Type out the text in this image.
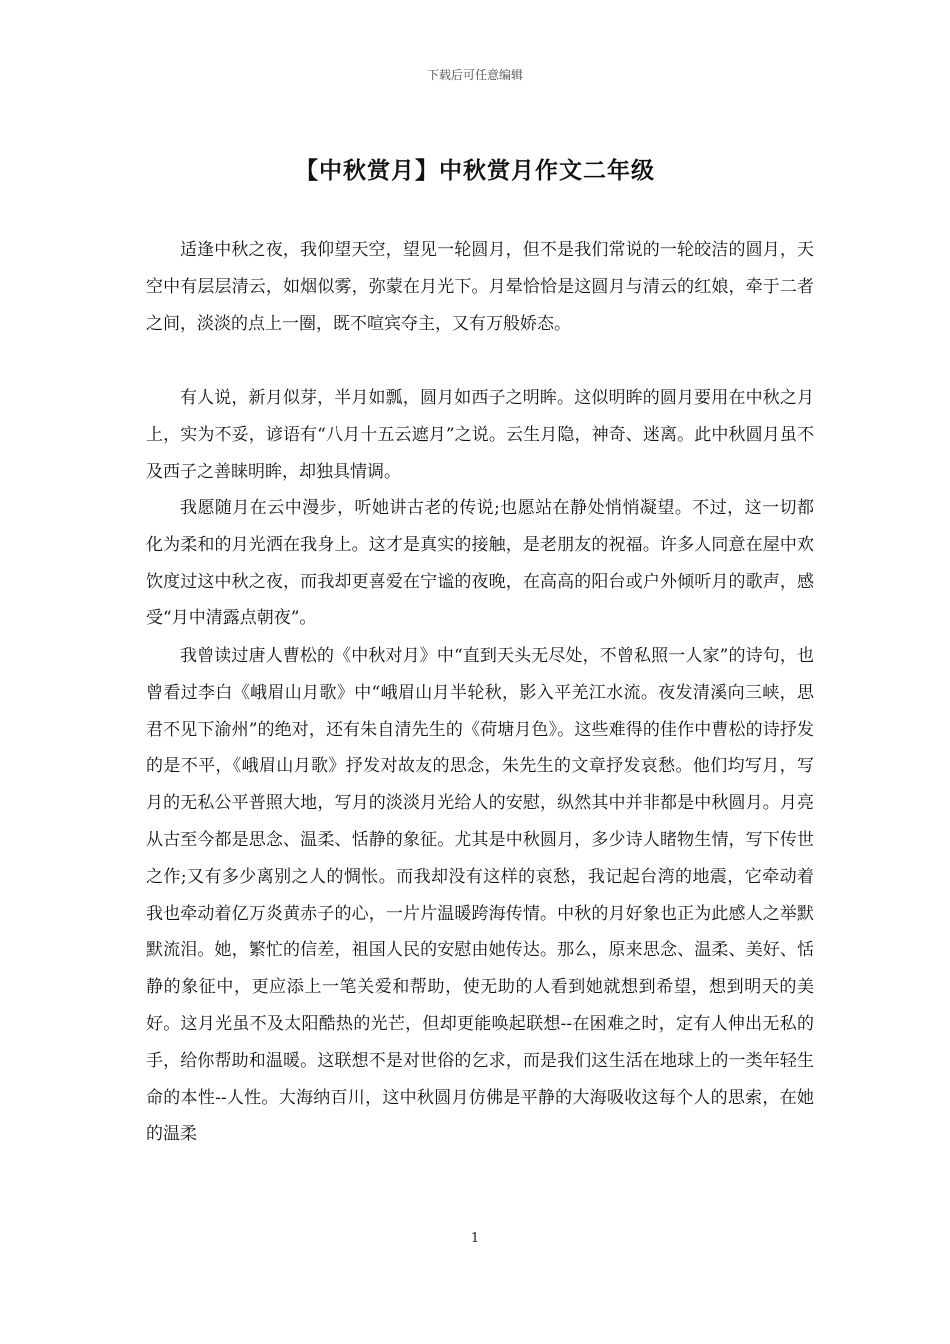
下载后可任意编辑
【中秋赏月】中秋赏月作文二年级

适逢中秋之夜，我仰望天空，望见一轮圆月，但不是我们常说的一轮皎洁的圆月，天空中有层层清云，如烟似雾，弥蒙在月光下。月晕恰恰是这圆月与清云的红娘，牵于二者之间，淡淡的点上一圈，既不喧宾夺主，又有万般娇态。

有人说，新月似芽，半月如瓢，圆月如西子之明眸。这似明眸的圆月要用在中秋之月上，实为不妥，谚语有“八月十五云遮月”之说。云生月隐，神奇、迷离。此中秋圆月虽不及西子之善睐明眸，却独具情调。

我愿随月在云中漫步，听她讲古老的传说;也愿站在静处悄悄凝望。不过，这一切都化为柔和的月光洒在我身上。这才是真实的接触，是老朋友的祝福。许多人同意在屋中欢饮度过这中秋之夜，而我却更喜爱在宁谧的夜晚，在高高的阳台或户外倾听月的歌声，感受“月中清露点朝夜”。

我曾读过唐人曹松的《中秋对月》中“直到天头无尽处，不曾私照一人家”的诗句，也曾看过李白《峨眉山月歌》中“峨眉山月半轮秋，影入平羌江水流。夜发清溪向三峡，思君不见下渝州”的绝对，还有朱自清先生的《荷塘月色》。这些难得的佳作中曹松的诗抒发的是不平，《峨眉山月歌》抒发对故友的思念，朱先生的文章抒发哀愁。他们均写月，写月的无私公平普照大地，写月的淡淡月光给人的安慰，纵然其中并非都是中秋圆月。月亮从古至今都是思念、温柔、恬静的象征。尤其是中秋圆月，多少诗人睹物生情，写下传世之作;又有多少离别之人的惆怅。而我却没有这样的哀愁，我记起台湾的地震，它牵动着我也牵动着亿万炎黄赤子的心，一片片温暖跨海传情。中秋的月好象也正为此感人之举默默流泪。她，繁忙的信差，祖国人民的安慰由她传达。那么，原来思念、温柔、美好、恬静的象征中，更应添上一笔关爱和帮助，使无助的人看到她就想到希望，想到明天的美好。这月光虽不及太阳酷热的光芒，但却更能唤起联想--在困难之时，定有人伸出无私的手，给你帮助和温暖。这联想不是对世俗的乞求，而是我们这生活在地球上的一类年轻生命的本性--人性。大海纳百川，这中秋圆月仿佛是平静的大海吸收这每个人的思索，在她的温柔

1
